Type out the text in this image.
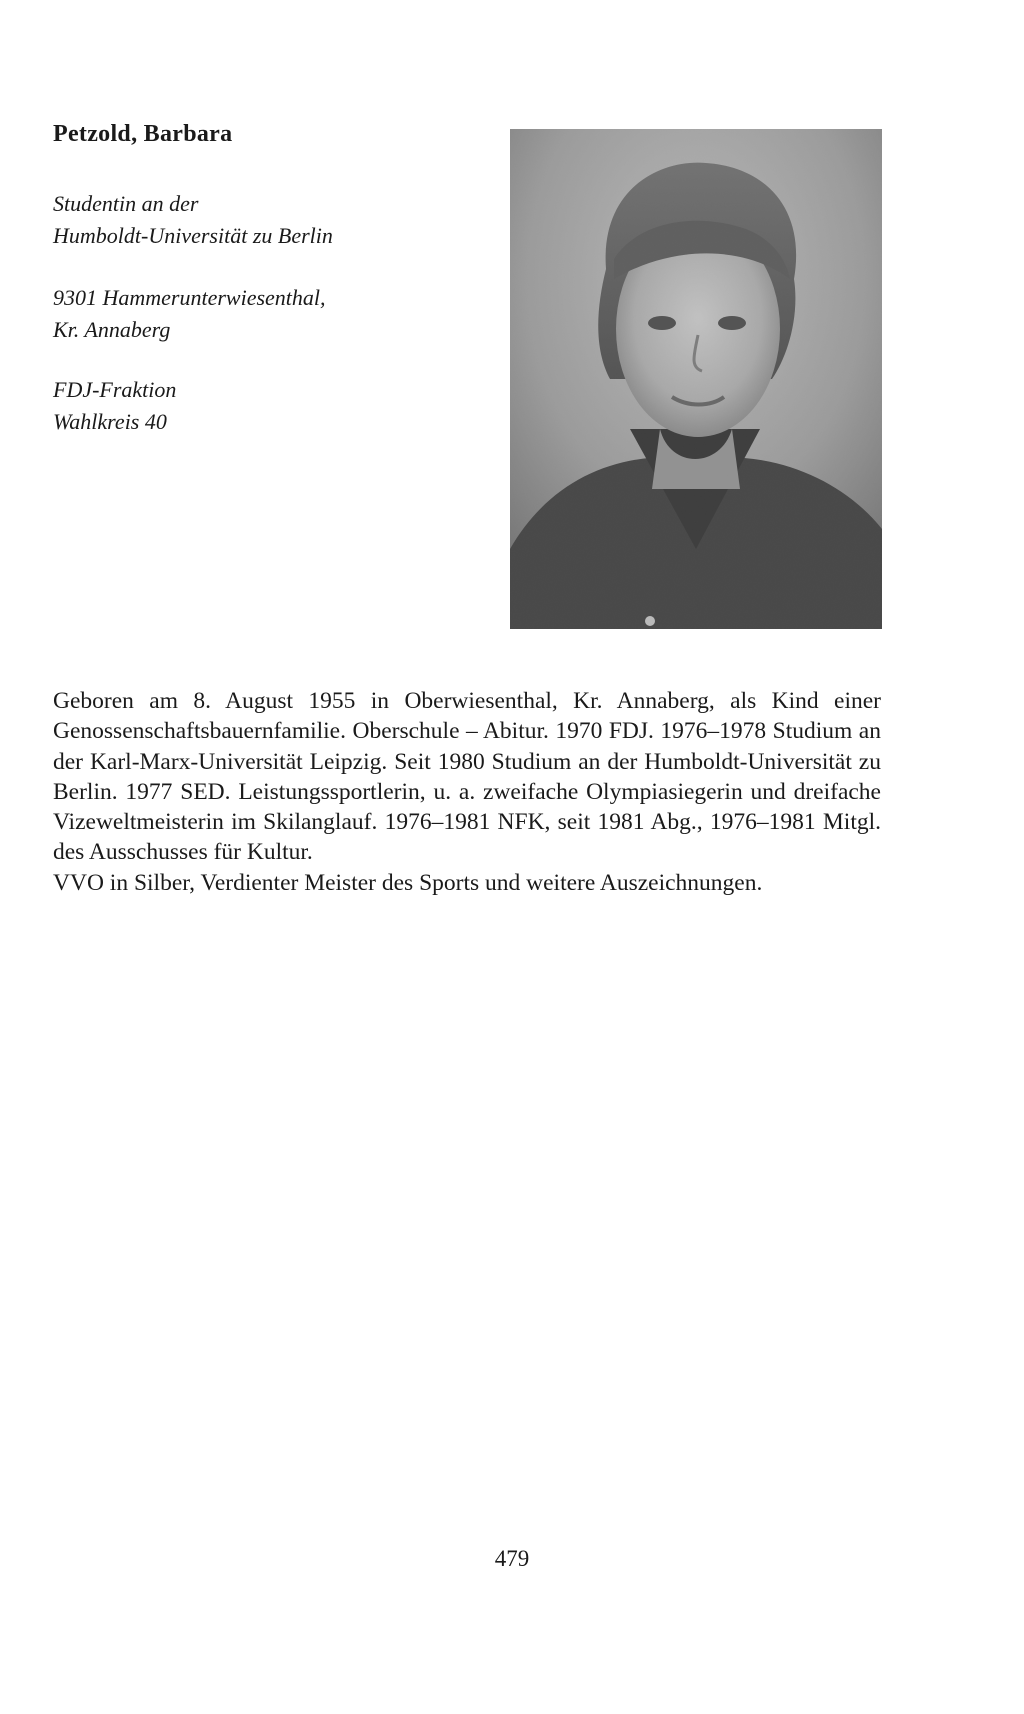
Petzold, Barbara
Studentin an der
Humboldt-Universität zu Berlin
9301 Hammerunterwiesenthal,
Kr. Annaberg
FDJ-Fraktion
Wahlkreis 40

Geboren am 8. August 1955 in Oberwiesenthal, Kr. Annaberg, als Kind einer Genossenschaftsbauernfamilie. Oberschule – Abitur. 1970 FDJ. 1976–1978 Studium an der Karl-Marx-Universität Leipzig. Seit 1980 Studium an der Humboldt-Universität zu Berlin. 1977 SED. Leistungssportlerin, u. a. zweifache Olympiasiegerin und dreifache Vizeweltmeisterin im Skilanglauf. 1976–1981 NFK, seit 1981 Abg., 1976–1981 Mitgl. des Ausschusses für Kultur.

VVO in Silber, Verdienter Meister des Sports und weitere Auszeichnungen.

479
